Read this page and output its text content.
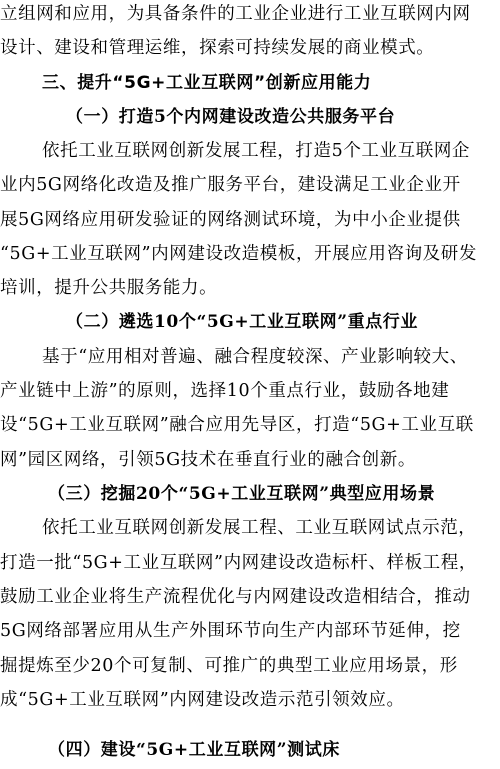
立组网和应用，为具备条件的工业企业进行工业互联网内网
设计、建设和管理运维，探索可持续发展的商业模式。
三、提升“5G+工业互联网”创新应用能力
（一）打造5个内网建设改造公共服务平台
依托工业互联网创新发展工程，打造5个工业互联网企
业内5G网络化改造及推广服务平台，建设满足工业企业开
展5G网络应用研发验证的网络测试环境，为中小企业提供
“5G+工业互联网”内网建设改造模板，开展应用咨询及研发
培训，提升公共服务能力。
（二）遴选10个“5G+工业互联网”重点行业
基于“应用相对普遍、融合程度较深、产业影响较大、
产业链中上游”的原则，选择10个重点行业，鼓励各地建
设“5G+工业互联网”融合应用先导区，打造“5G+工业互联
网”园区网络，引领5G技术在垂直行业的融合创新。
（三）挖掘20个“5G+工业互联网”典型应用场景
依托工业互联网创新发展工程、工业互联网试点示范，
打造一批“5G+工业互联网”内网建设改造标杆、样板工程，
鼓励工业企业将生产流程优化与内网建设改造相结合，推动
5G网络部署应用从生产外围环节向生产内部环节延伸，挖
掘提炼至少20个可复制、可推广的典型工业应用场景，形
成“5G+工业互联网”内网建设改造示范引领效应。
（四）建设“5G+工业互联网”测试床
